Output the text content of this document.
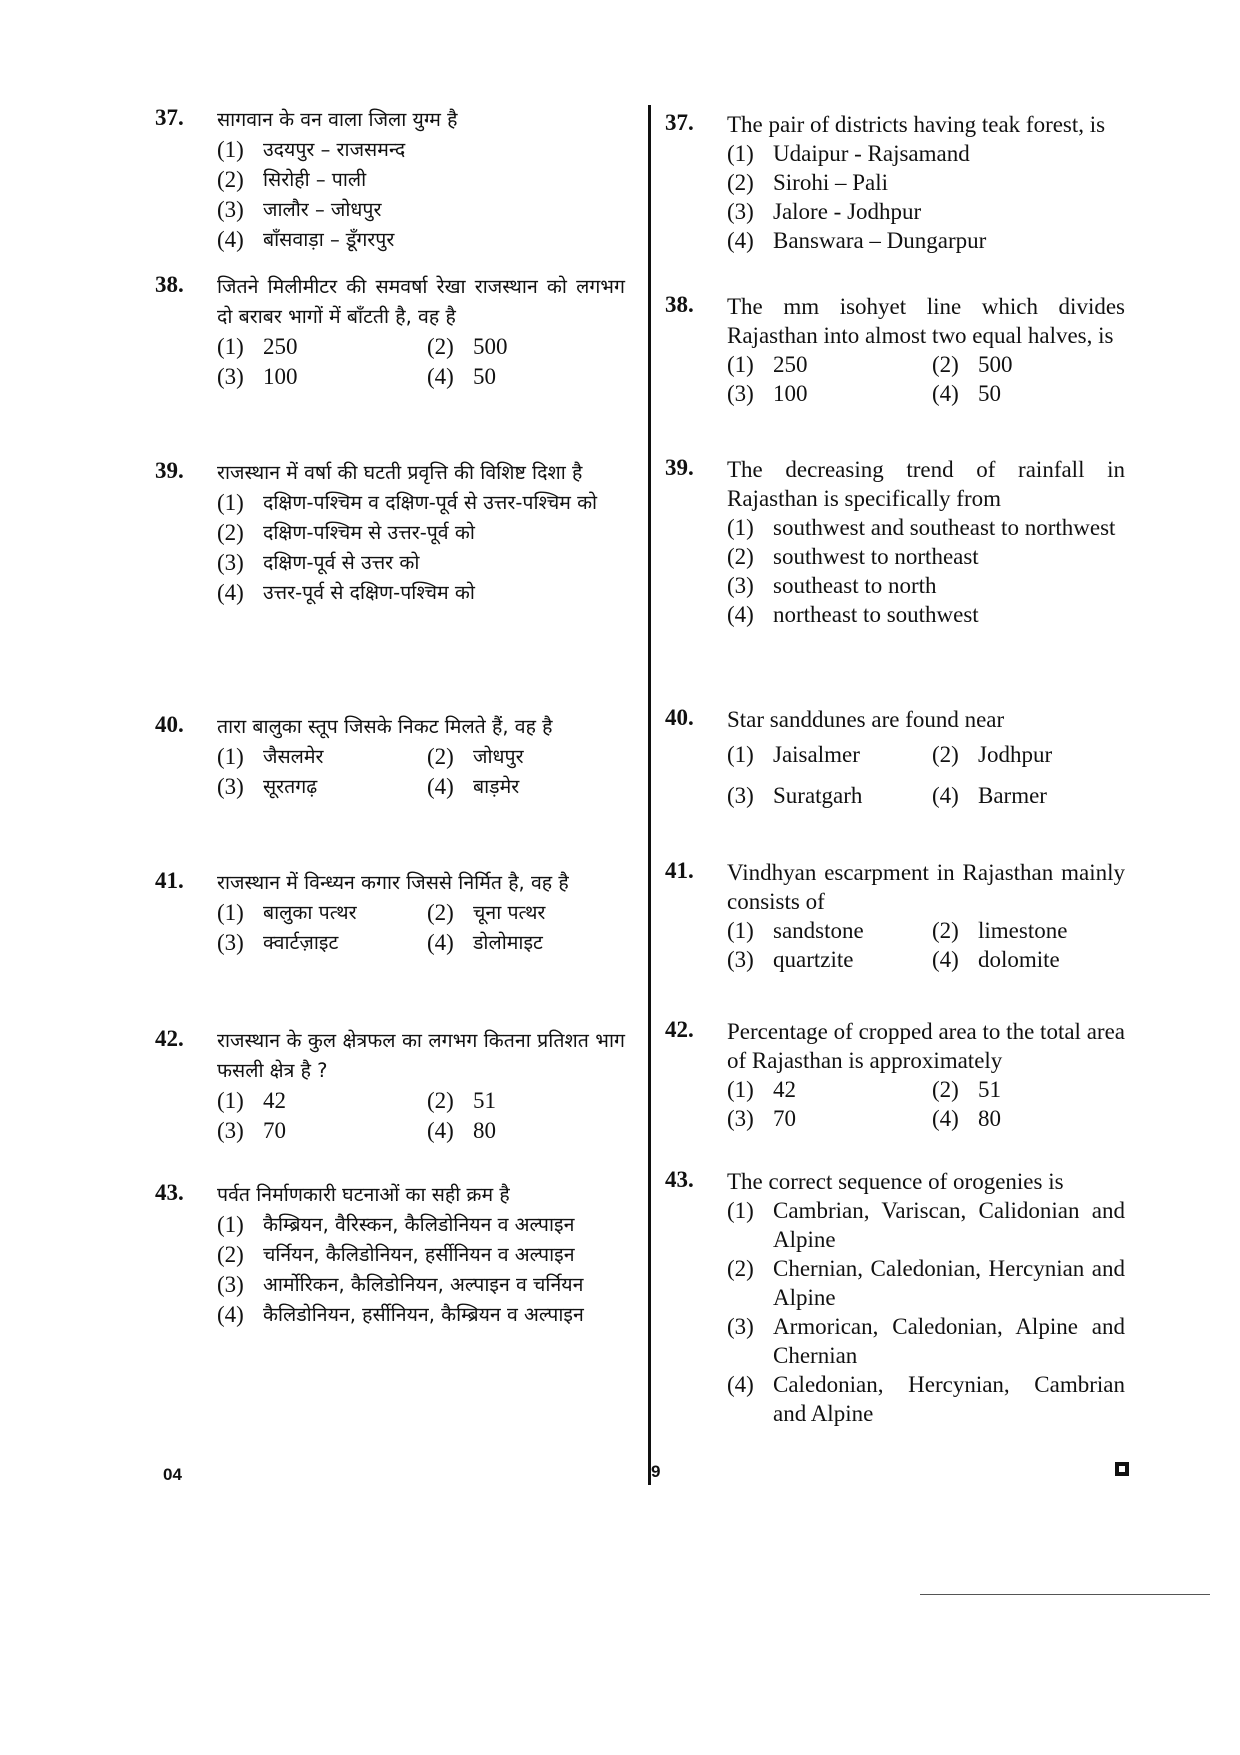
37. सागवान के वन वाला जिला युग्म है
(1) उदयपुर – राजसमन्द
(2) सिरोही – पाली
(3) जालौर – जोधपुर
(4) बाँसवाड़ा – डूँगरपुर
38. जितने मिलीमीटर की समवर्षा रेखा राजस्थान को लगभग दो बराबर भागों में बाँटती है, वह है
(1) 250	(2) 500
(3) 100	(4) 50
39. राजस्थान में वर्षा की घटती प्रवृत्ति की विशिष्ट दिशा है
(1) दक्षिण-पश्चिम व दक्षिण-पूर्व से उत्तर-पश्चिम को
(2) दक्षिण-पश्चिम से उत्तर-पूर्व को
(3) दक्षिण-पूर्व से उत्तर को
(4) उत्तर-पूर्व से दक्षिण-पश्चिम को
40. तारा बालुका स्तूप जिसके निकट मिलते हैं, वह है
(1) जैसलमेर	(2) जोधपुर
(3) सूरतगढ़	(4) बाड़मेर
41. राजस्थान में विन्ध्यन कगार जिससे निर्मित है, वह है
(1) बालुका पत्थर	(2) चूना पत्थर
(3) क्वार्टज़ाइट	(4) डोलोमाइट
42. राजस्थान के कुल क्षेत्रफल का लगभग कितना प्रतिशत भाग फसली क्षेत्र है ?
(1) 42	(2) 51
(3) 70	(4) 80
43. पर्वत निर्माणकारी घटनाओं का सही क्रम है
(1) कैम्ब्रियन, वैरिस्कन, कैलिडोनियन व अल्पाइन
(2) चर्नियन, कैलिडोनियन, हर्सीनियन व अल्पाइन
(3) आर्मोरिकन, कैलिडोनियन, अल्पाइन व चर्नियन
(4) कैलिडोनियन, हर्सीनियन, कैम्ब्रियन व अल्पाइन
37. The pair of districts having teak forest, is
(1) Udaipur - Rajsamand
(2) Sirohi – Pali
(3) Jalore - Jodhpur
(4) Banswara – Dungarpur
38. The mm isohyet line which divides Rajasthan into almost two equal halves, is
(1) 250	(2) 500
(3) 100	(4) 50
39. The decreasing trend of rainfall in Rajasthan is specifically from
(1) southwest and southeast to northwest
(2) southwest to northeast
(3) southeast to north
(4) northeast to southwest
40. Star sanddunes are found near
(1) Jaisalmer	(2) Jodhpur
(3) Suratgarh	(4) Barmer
41. Vindhyan escarpment in Rajasthan mainly consists of
(1) sandstone	(2) limestone
(3) quartzite	(4) dolomite
42. Percentage of cropped area to the total area of Rajasthan is approximately
(1) 42	(2) 51
(3) 70	(4) 80
43. The correct sequence of orogenies is
(1) Cambrian, Variscan, Calidonian and Alpine
(2) Chernian, Caledonian, Hercynian and Alpine
(3) Armorican, Caledonian, Alpine and Chernian
(4) Caledonian, Hercynian, Cambrian and Alpine
04	9
